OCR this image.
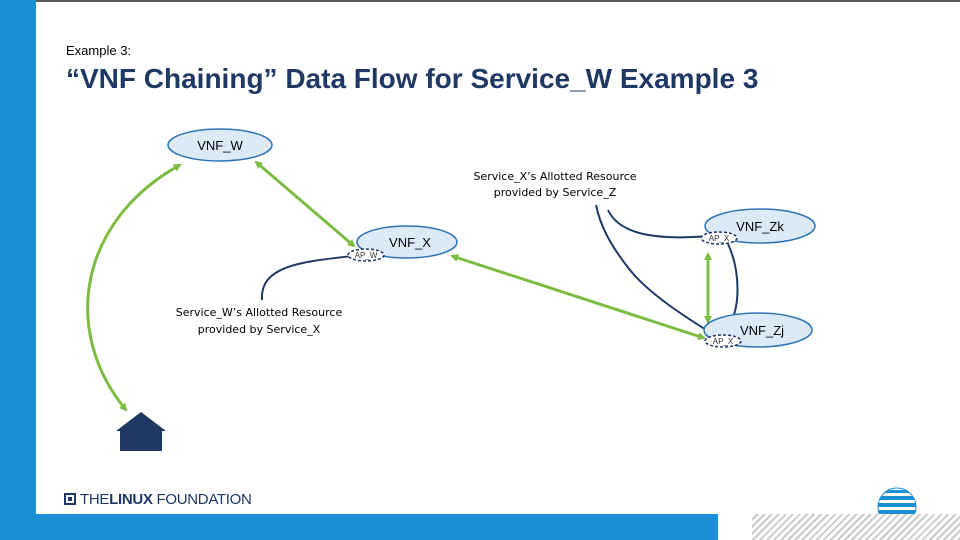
Example 3:
“VNF Chaining” Data Flow for Service_W Example 3
VNF_W
VNF_X
AP_W
VNF_Zk
AP_X
VNF_Zj
AP_X
Service_X’s Allotted Resource
provided by Service_Z
Service_W’s Allotted Resource
provided by Service_X
THELINUX FOUNDATION
